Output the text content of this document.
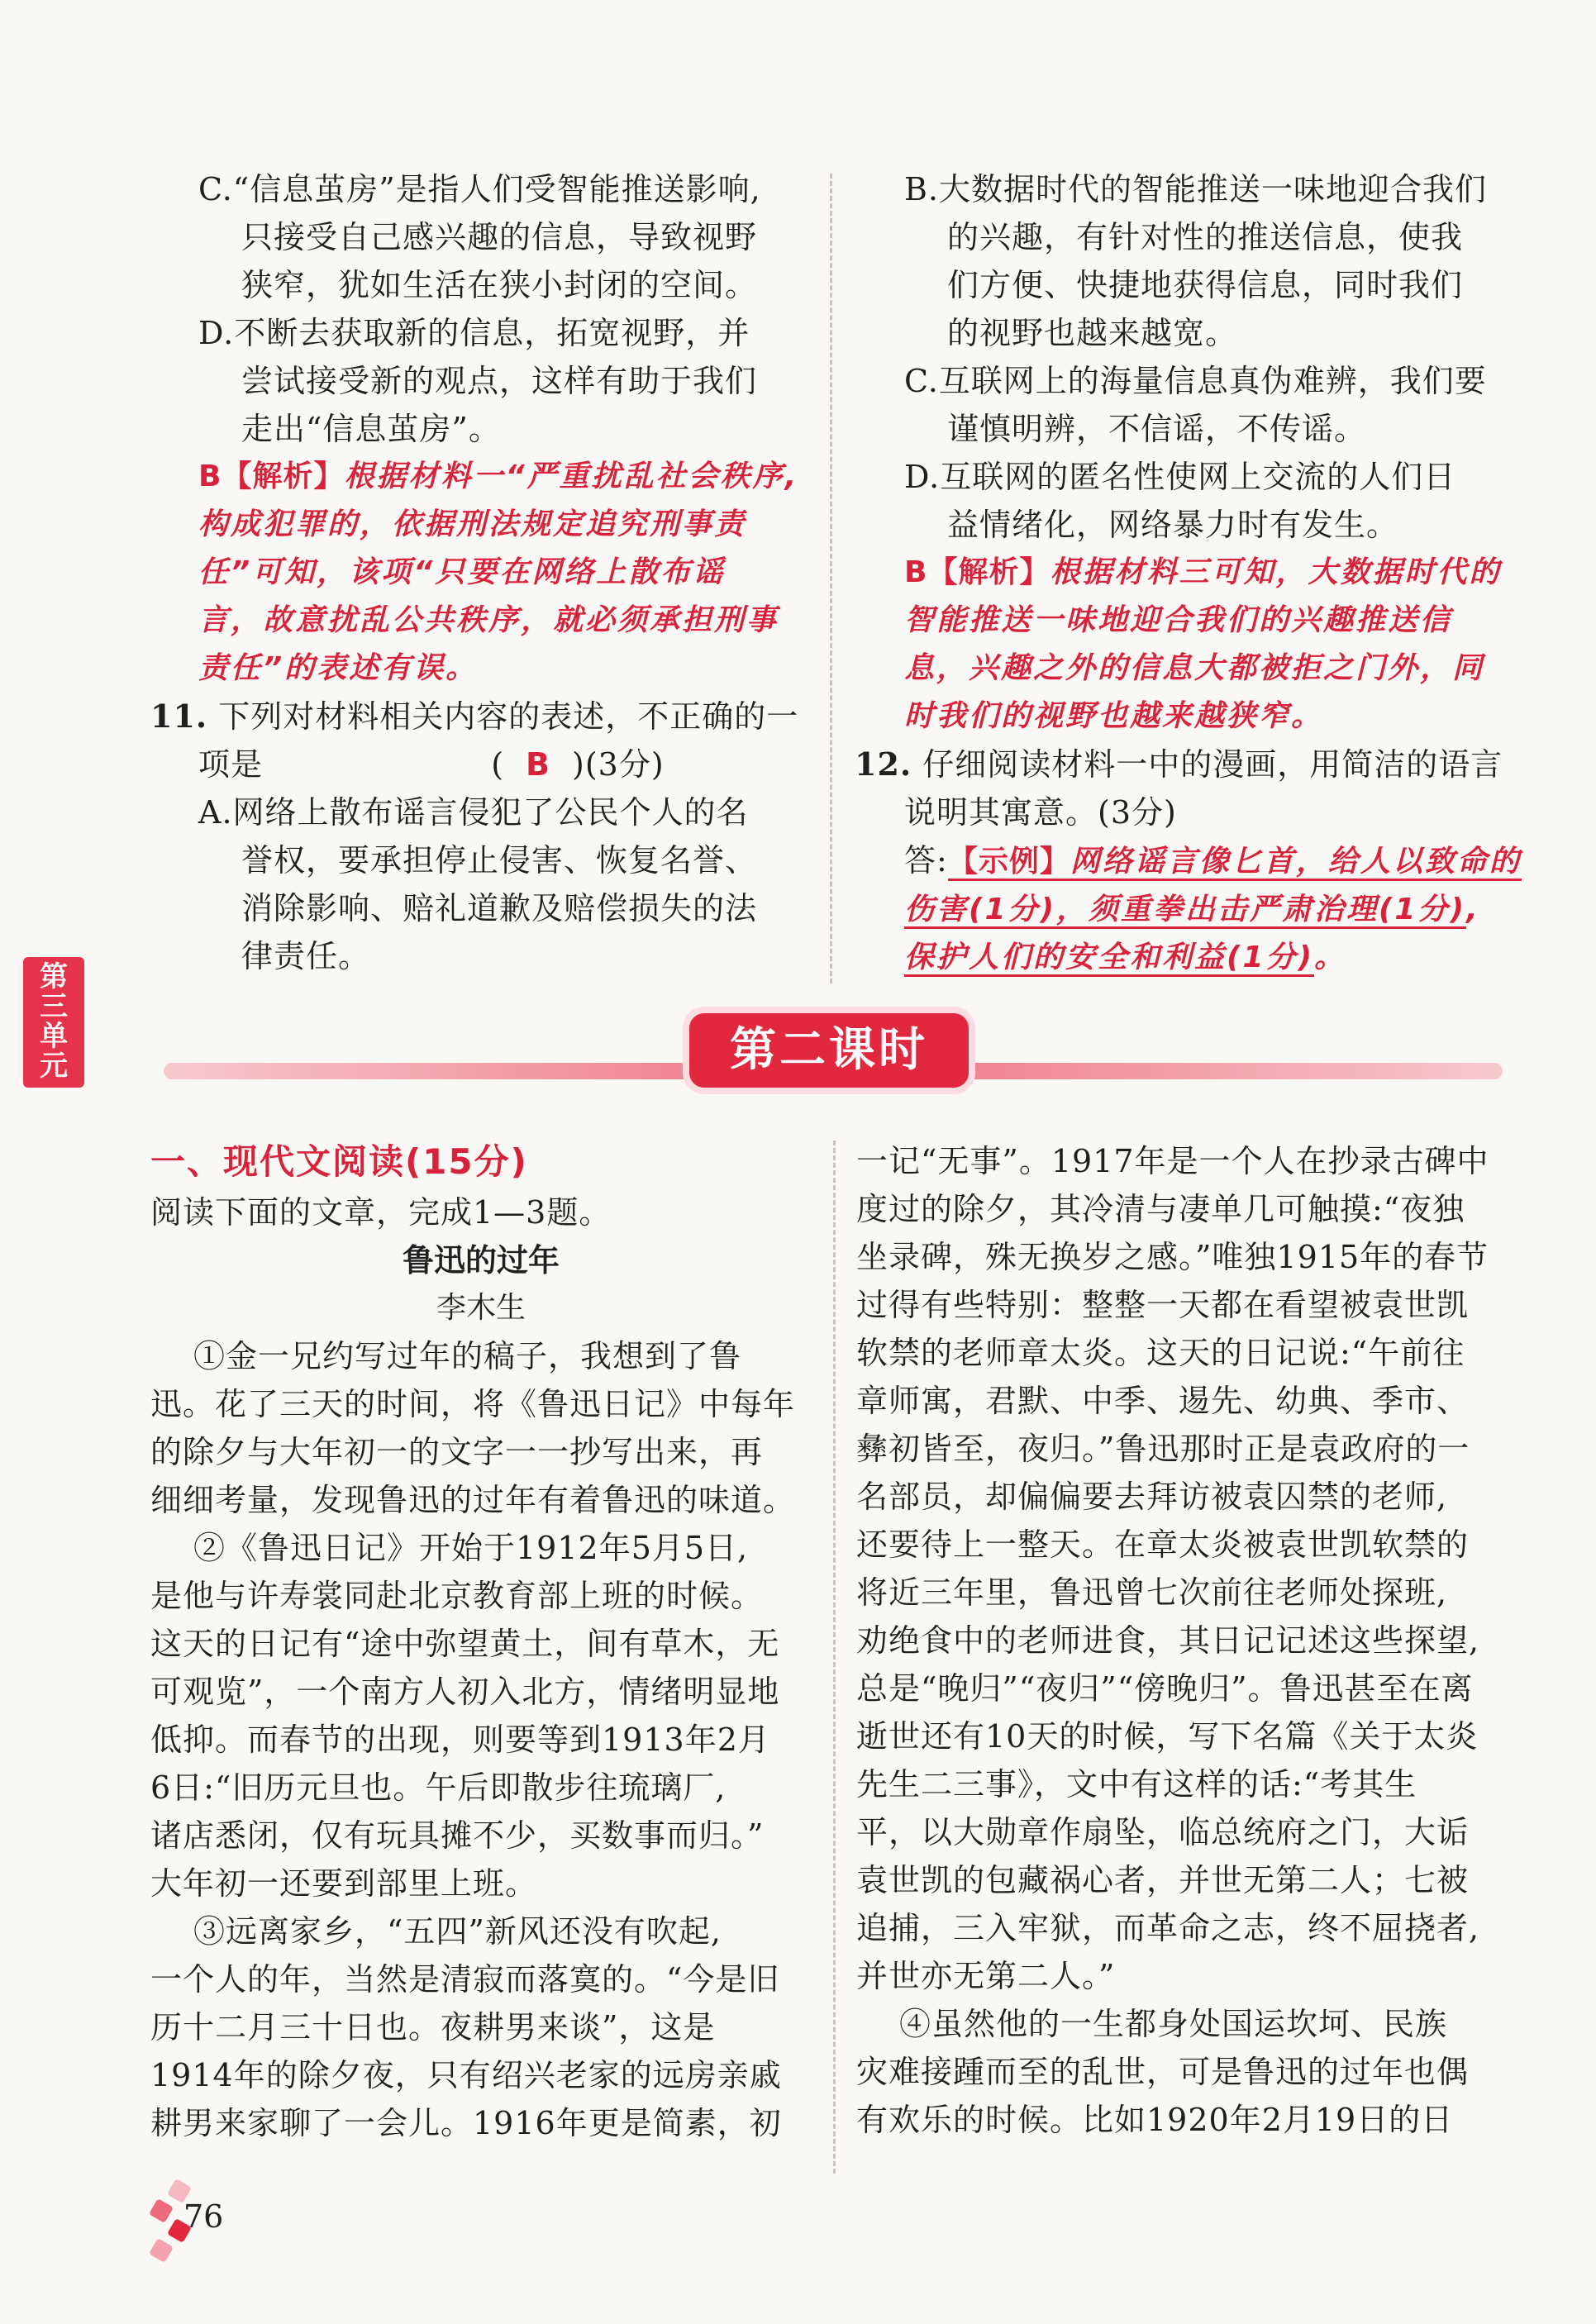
C.“信息茧房”是指人们受智能推送影响,
只接受自己感兴趣的信息，导致视野
狭窄，犹如生活在狭小封闭的空间。
D.不断去获取新的信息，拓宽视野，并
尝试接受新的观点，这样有助于我们
走出“信息茧房”。
B【解析】根据材料一“严重扰乱社会秩序,
构成犯罪的，依据刑法规定追究刑事责
任”可知，该项“只要在网络上散布谣
言，故意扰乱公共秩序，就必须承担刑事
责任”的表述有误。
11. 下列对材料相关内容的表述，不正确的一
项是	( B )(3分)
A.网络上散布谣言侵犯了公民个人的名
誉权，要承担停止侵害、恢复名誉、
消除影响、赔礼道歉及赔偿损失的法
律责任。
B.大数据时代的智能推送一味地迎合我们
的兴趣，有针对性的推送信息，使我
们方便、快捷地获得信息，同时我们
的视野也越来越宽。
C.互联网上的海量信息真伪难辨，我们要
谨慎明辨，不信谣，不传谣。
D.互联网的匿名性使网上交流的人们日
益情绪化，网络暴力时有发生。
B【解析】根据材料三可知，大数据时代的
智能推送一味地迎合我们的兴趣推送信
息，兴趣之外的信息大都被拒之门外，同
时我们的视野也越来越狭窄。
12. 仔细阅读材料一中的漫画，用简洁的语言
说明其寓意。(3分)
答:【示例】网络谣言像匕首，给人以致命的
伤害(1分)，须重拳出击严肃治理(1分),
保护人们的安全和利益(1分)。
第
三
单
元	第二课时
一、现代文阅读(15分)
阅读下面的文章，完成1—3题。
鲁迅的过年
李木生
①金一兄约写过年的稿子，我想到了鲁
迅。花了三天的时间，将《鲁迅日记》中每年
的除夕与大年初一的文字一一抄写出来，再
细细考量，发现鲁迅的过年有着鲁迅的味道。
②《鲁迅日记》开始于1912年5月5日,
是他与许寿裳同赴北京教育部上班的时候。
这天的日记有“途中弥望黄土，间有草木，无
可观览”，一个南方人初入北方，情绪明显地
低抑。而春节的出现，则要等到1913年2月
6日:“旧历元旦也。午后即散步往琉璃厂,
诸店悉闭，仅有玩具摊不少，买数事而归。”
大年初一还要到部里上班。
③远离家乡，“五四”新风还没有吹起,
一个人的年，当然是清寂而落寞的。“今是旧
历十二月三十日也。夜耕男来谈”，这是
1914年的除夕夜，只有绍兴老家的远房亲戚
耕男来家聊了一会儿。1916年更是简素，初
一记“无事”。1917年是一个人在抄录古碑中
度过的除夕，其冷清与凄单几可触摸:“夜独
坐录碑，殊无换岁之感。”唯独1915年的春节
过得有些特别：整整一天都在看望被袁世凯
软禁的老师章太炎。这天的日记说:“午前往
章师寓，君默、中季、逷先、幼典、季市、
彝初皆至，夜归。”鲁迅那时正是袁政府的一
名部员，却偏偏要去拜访被袁囚禁的老师,
还要待上一整天。在章太炎被袁世凯软禁的
将近三年里，鲁迅曾七次前往老师处探班,
劝绝食中的老师进食，其日记记述这些探望,
总是“晚归”“夜归”“傍晚归”。鲁迅甚至在离
逝世还有10天的时候，写下名篇《关于太炎
先生二三事》，文中有这样的话:“考其生
平，以大勋章作扇坠，临总统府之门，大诟
袁世凯的包藏祸心者，并世无第二人；七被
追捕，三入牢狱，而革命之志，终不屈挠者,
并世亦无第二人。”
④虽然他的一生都身处国运坎坷、民族
灾难接踵而至的乱世，可是鲁迅的过年也偶
有欢乐的时候。比如1920年2月19日的日
76
